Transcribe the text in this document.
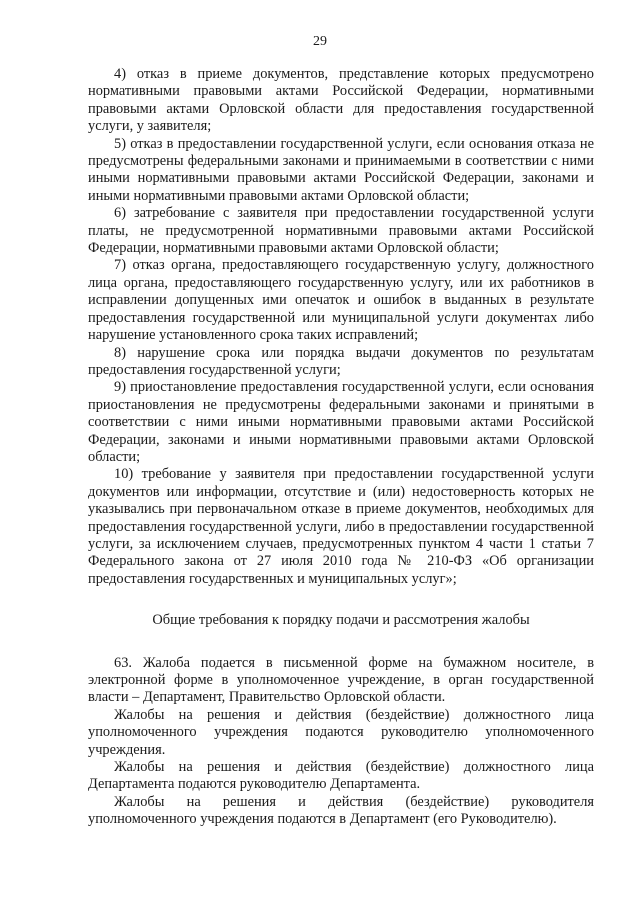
29

4) отказ в приеме документов, представление которых предусмотрено нормативными правовыми актами Российской Федерации, нормативными правовыми актами Орловской области для предоставления государственной услуги, у заявителя;

5) отказ в предоставлении государственной услуги, если основания отказа не предусмотрены федеральными законами и принимаемыми в соответствии с ними иными нормативными правовыми актами Российской Федерации, законами и иными нормативными правовыми актами Орловской области;

6) затребование с заявителя при предоставлении государственной услуги платы, не предусмотренной нормативными правовыми актами Российской Федерации, нормативными правовыми актами Орловской области;

7) отказ органа, предоставляющего государственную услугу, должностного лица органа, предоставляющего государственную услугу, или их работников в исправлении допущенных ими опечаток и ошибок в выданных в результате предоставления государственной или муниципальной услуги документах либо нарушение установленного срока таких исправлений;

8) нарушение срока или порядка выдачи документов по результатам предоставления государственной услуги;

9) приостановление предоставления государственной услуги, если основания приостановления не предусмотрены федеральными законами и принятыми в соответствии с ними иными нормативными правовыми актами Российской Федерации, законами и иными нормативными правовыми актами Орловской области;

10) требование у заявителя при предоставлении государственной услуги документов или информации, отсутствие и (или) недостоверность которых не указывались при первоначальном отказе в приеме документов, необходимых для предоставления государственной услуги, либо в предоставлении государственной услуги, за исключением случаев, предусмотренных пунктом 4 части 1 статьи 7 Федерального закона от 27 июля 2010 года № 210-ФЗ «Об организации предоставления государственных и муниципальных услуг»;

Общие требования к порядку подачи и рассмотрения жалобы

63. Жалоба подается в письменной форме на бумажном носителе, в электронной форме в уполномоченное учреждение, в орган государственной власти – Департамент, Правительство Орловской области.

Жалобы на решения и действия (бездействие) должностного лица уполномоченного учреждения подаются руководителю уполномоченного учреждения.

Жалобы на решения и действия (бездействие) должностного лица Департамента подаются руководителю Департамента.

Жалобы на решения и действия (бездействие) руководителя уполномоченного учреждения подаются в Департамент (его Руководителю).
